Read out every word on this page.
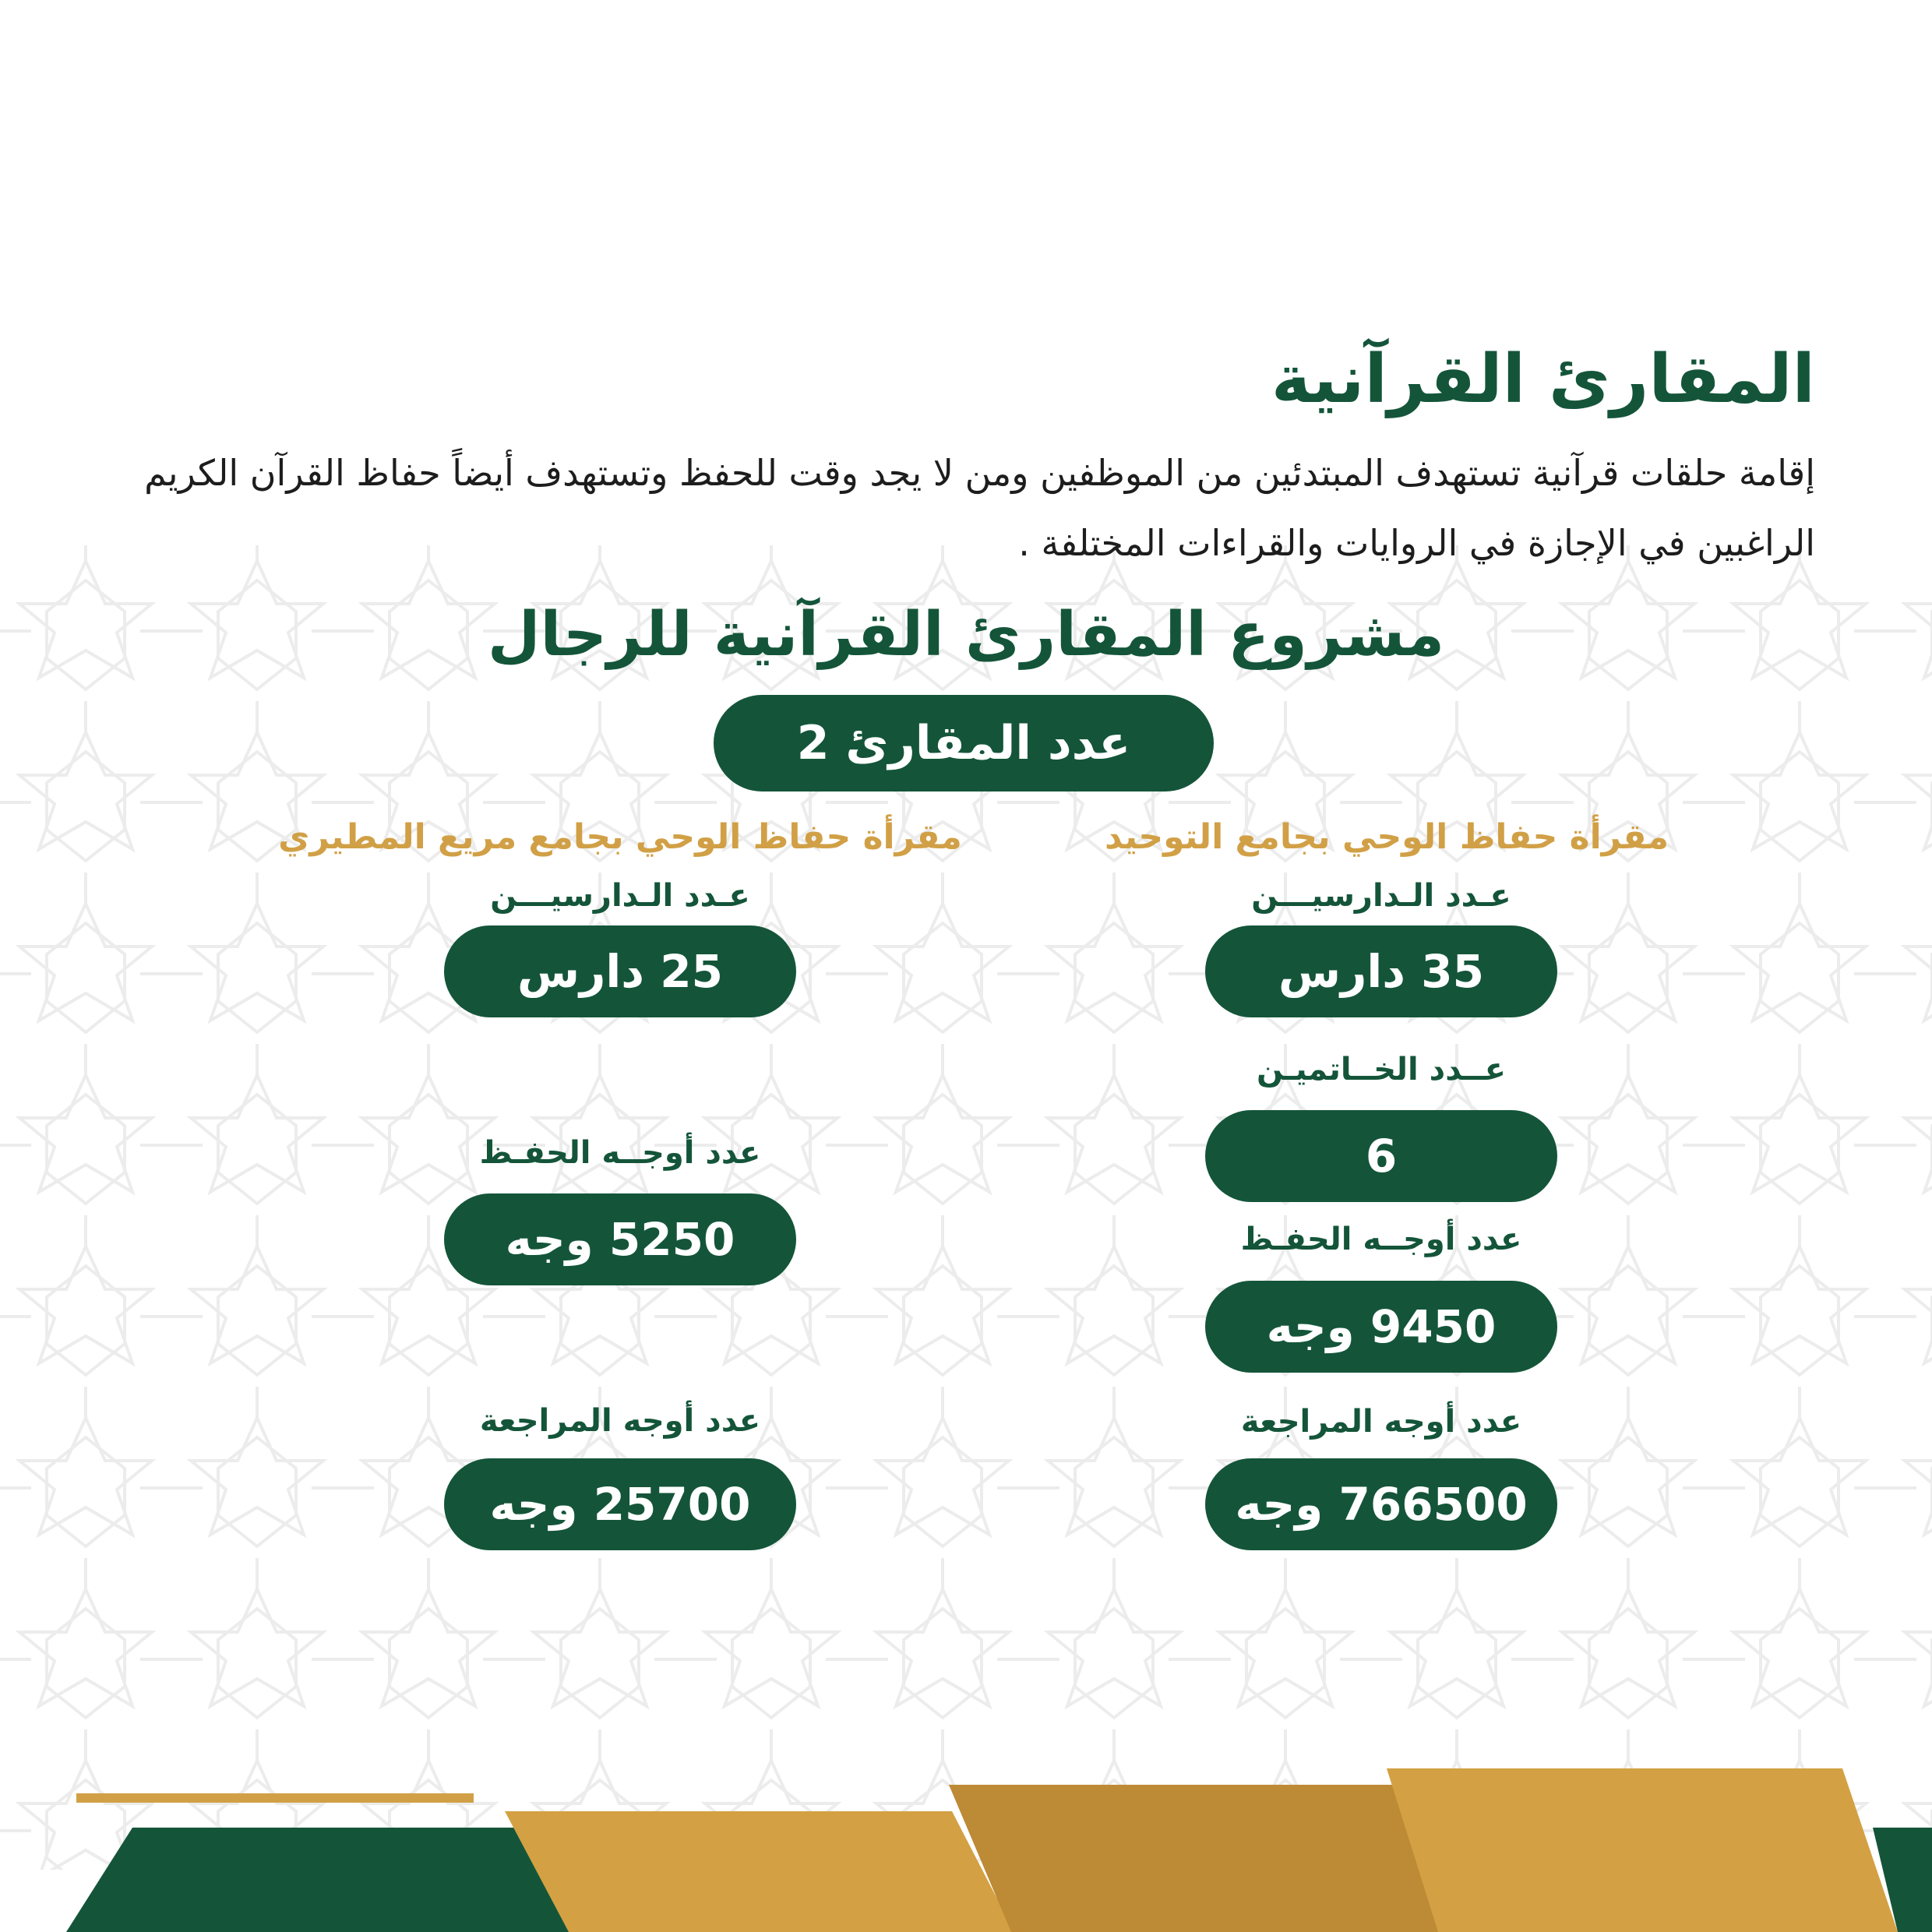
المقارئ القرآنية

إقامة حلقات قرآنية تستهدف المبتدئين من الموظفين ومن لا يجد وقت للحفظ وتستهدف أيضاً حفاظ القرآن الكريم الراغبين في الإجازة في الروايات والقراءات المختلفة .

مشروع المقارئ القرآنية للرجال
عدد المقارئ 2
مقرأة حفاظ الوحي بجامع التوحيد
عـدد الـدارسيـــن
35 دارس
عــدد الخــاتميـن
6
عدد أوجــه الحفـظ
9450 وجه
عدد أوجه المراجعة
766500 وجه
مقرأة حفاظ الوحي بجامع مريع المطيري
عـدد الـدارسيـــن
25 دارس
عدد أوجــه الحفـظ
5250 وجه
عدد أوجه المراجعة
25700 وجه
